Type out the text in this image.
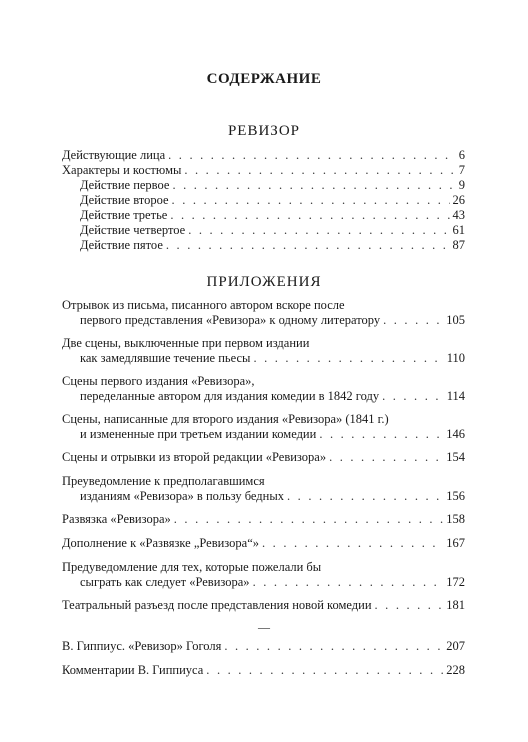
СОДЕРЖАНИЕ
РЕВИЗОР
Действующие лица . . .	6
Характеры и костюмы . . .	7
Действие первое . . .	9
Действие второе . . .	26
Действие третье . . .	43
Действие четвертое . . .	61
Действие пятое . . .	87
ПРИЛОЖЕНИЯ
Отрывок из письма, писанного автором вскоре после
первого представления «Ревизора» к одному литератору . . .	105
Две сцены, выключенные при первом издании
как замедлявшие течение пьесы . . .	110
Сцены первого издания «Ревизора»,
переделанные автором для издания комедии в 1842 году . . .	114
Сцены, написанные для второго издания «Ревизора» (1841 г.)
и измененные при третьем издании комедии . . .	146
Сцены и отрывки из второй редакции «Ревизора» . . .	154
Преуведомление к предполагавшимся
изданиям «Ревизора» в пользу бедных . . .	156
Развязка «Ревизора» . . .	158
Дополнение к «Развязке „Ревизора“» . . .	167
Предуведомление для тех, которые пожелали бы
сыграть как следует «Ревизора» . . .	172
Театральный разъезд после представления новой комедии . . .	181
—
В. Гиппиус. «Ревизор» Гоголя . . .	207
Комментарии В. Гиппиуса . . .	228
